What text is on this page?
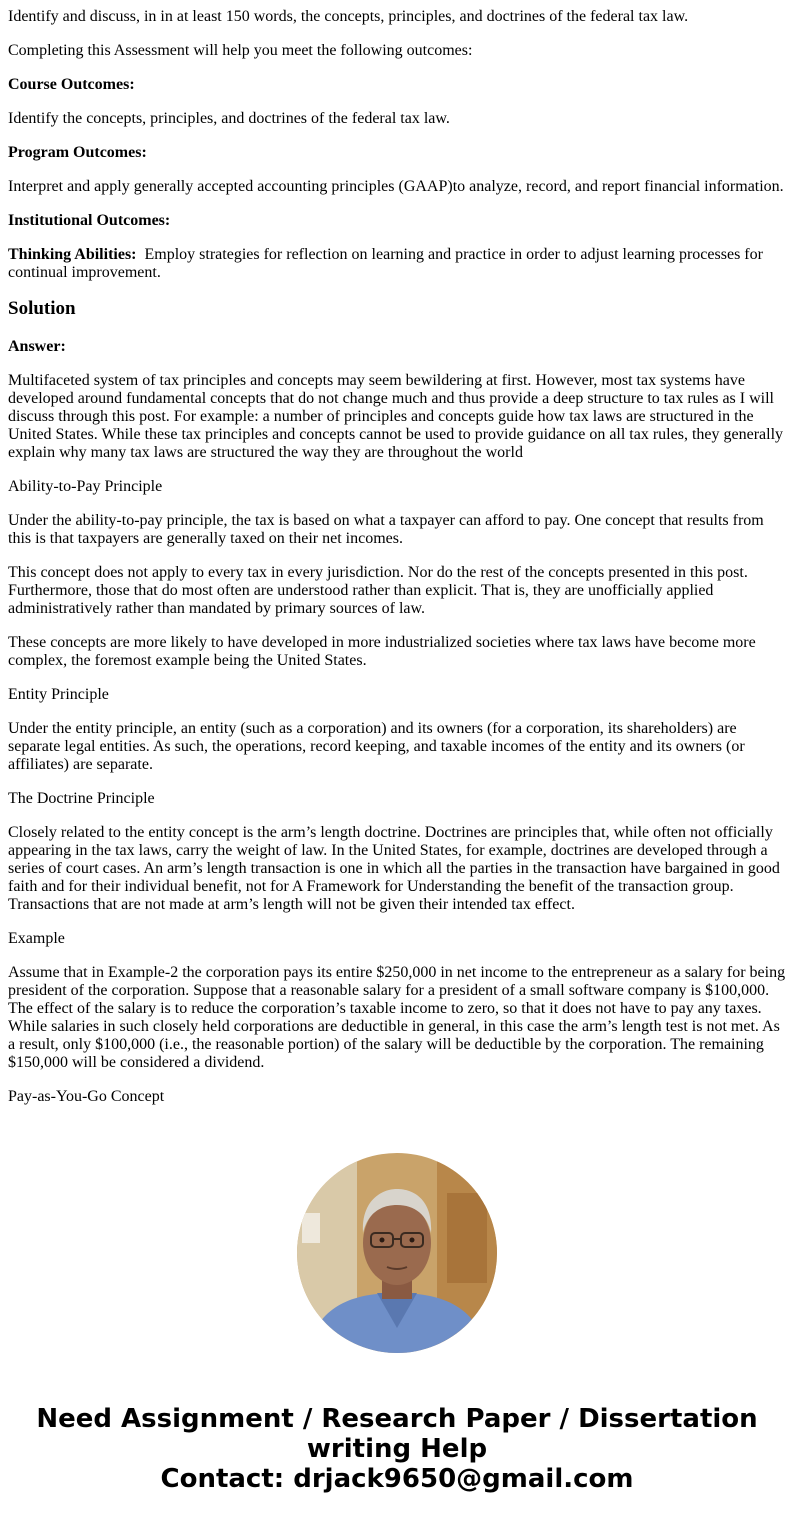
Identify and discuss, in in at least 150 words, the concepts, principles, and doctrines of the federal tax law.

Completing this Assessment will help you meet the following outcomes:

Course Outcomes:

Identify the concepts, principles, and doctrines of the federal tax law.

Program Outcomes:

Interpret and apply generally accepted accounting principles (GAAP)to analyze, record, and report financial information.

Institutional Outcomes:

Thinking Abilities:  Employ strategies for reflection on learning and practice in order to adjust learning processes for continual improvement.

Solution

Answer:

Multifaceted system of tax principles and concepts may seem bewildering at first. However, most tax systems have developed around fundamental concepts that do not change much and thus provide a deep structure to tax rules as I will discuss through this post. For example: a number of principles and concepts guide how tax laws are structured in the United States. While these tax principles and concepts cannot be used to provide guidance on all tax rules, they generally explain why many tax laws are structured the way they are throughout the world

Ability-to-Pay Principle

Under the ability-to-pay principle, the tax is based on what a taxpayer can afford to pay. One concept that results from this is that taxpayers are generally taxed on their net incomes.

This concept does not apply to every tax in every jurisdiction. Nor do the rest of the concepts presented in this post. Furthermore, those that do most often are understood rather than explicit. That is, they are unofficially applied administratively rather than mandated by primary sources of law.

These concepts are more likely to have developed in more industrialized societies where tax laws have become more complex, the foremost example being the United States.

Entity Principle

Under the entity principle, an entity (such as a corporation) and its owners (for a corporation, its shareholders) are separate legal entities. As such, the operations, record keeping, and taxable incomes of the entity and its owners (or affiliates) are separate.

The Doctrine Principle

Closely related to the entity concept is the arm’s length doctrine. Doctrines are principles that, while often not officially appearing in the tax laws, carry the weight of law. In the United States, for example, doctrines are developed through a series of court cases. An arm’s length transaction is one in which all the parties in the transaction have bargained in good faith and for their individual benefit, not for A Framework for Understanding the benefit of the transaction group. Transactions that are not made at arm’s length will not be given their intended tax effect.

Example

Assume that in Example-2 the corporation pays its entire $250,000 in net income to the entrepreneur as a salary for being president of the corporation. Suppose that a reasonable salary for a president of a small software company is $100,000. The effect of the salary is to reduce the corporation’s taxable income to zero, so that it does not have to pay any taxes. While salaries in such closely held corporations are deductible in general, in this case the arm’s length test is not met. As a result, only $100,000 (i.e., the reasonable portion) of the salary will be deductible by the corporation. The remaining $150,000 will be considered a dividend.

Pay-as-You-Go Concept

Need Assignment / Research Paper / Dissertation
writing Help
Contact: drjack9650@gmail.com
